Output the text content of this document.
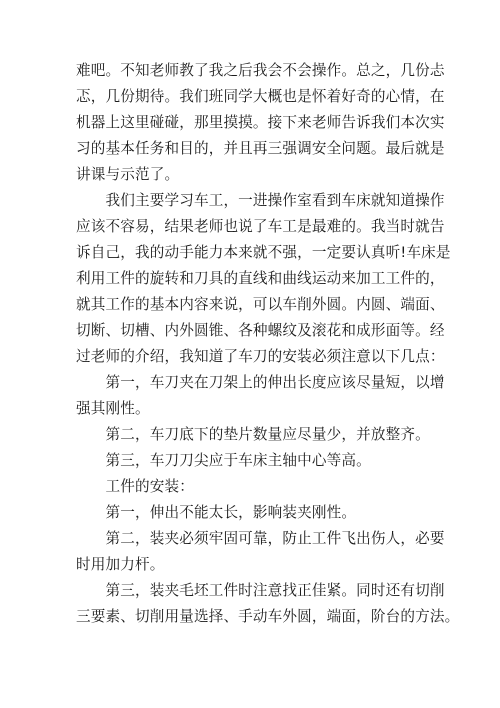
难吧。不知老师教了我之后我会不会操作。总之，几份忐
忑，几份期待。我们班同学大概也是怀着好奇的心情，在
机器上这里碰碰，那里摸摸。接下来老师告诉我们本次实
习的基本任务和目的，并且再三强调安全问题。最后就是
讲课与示范了。
　　我们主要学习车工，一进操作室看到车床就知道操作
应该不容易，结果老师也说了车工是最难的。我当时就告
诉自己，我的动手能力本来就不强，一定要认真听!车床是
利用工件的旋转和刀具的直线和曲线运动来加工工件的，
就其工作的基本内容来说，可以车削外圆。内圆、端面、
切断、切槽、内外圆锥、各种螺纹及滚花和成形面等。经
过老师的介绍，我知道了车刀的安装必须注意以下几点：
　　第一，车刀夹在刀架上的伸出长度应该尽量短，以增
强其刚性。
　　第二，车刀底下的垫片数量应尽量少，并放整齐。
　　第三，车刀刀尖应于车床主轴中心等高。
　　工件的安装：
　　第一，伸出不能太长，影响装夹刚性。
　　第二，装夹必须牢固可靠，防止工件飞出伤人，必要
时用加力杆。
　　第三，装夹毛坯工件时注意找正佳紧。同时还有切削
三要素、切削用量选择、手动车外圆，端面，阶台的方法。
